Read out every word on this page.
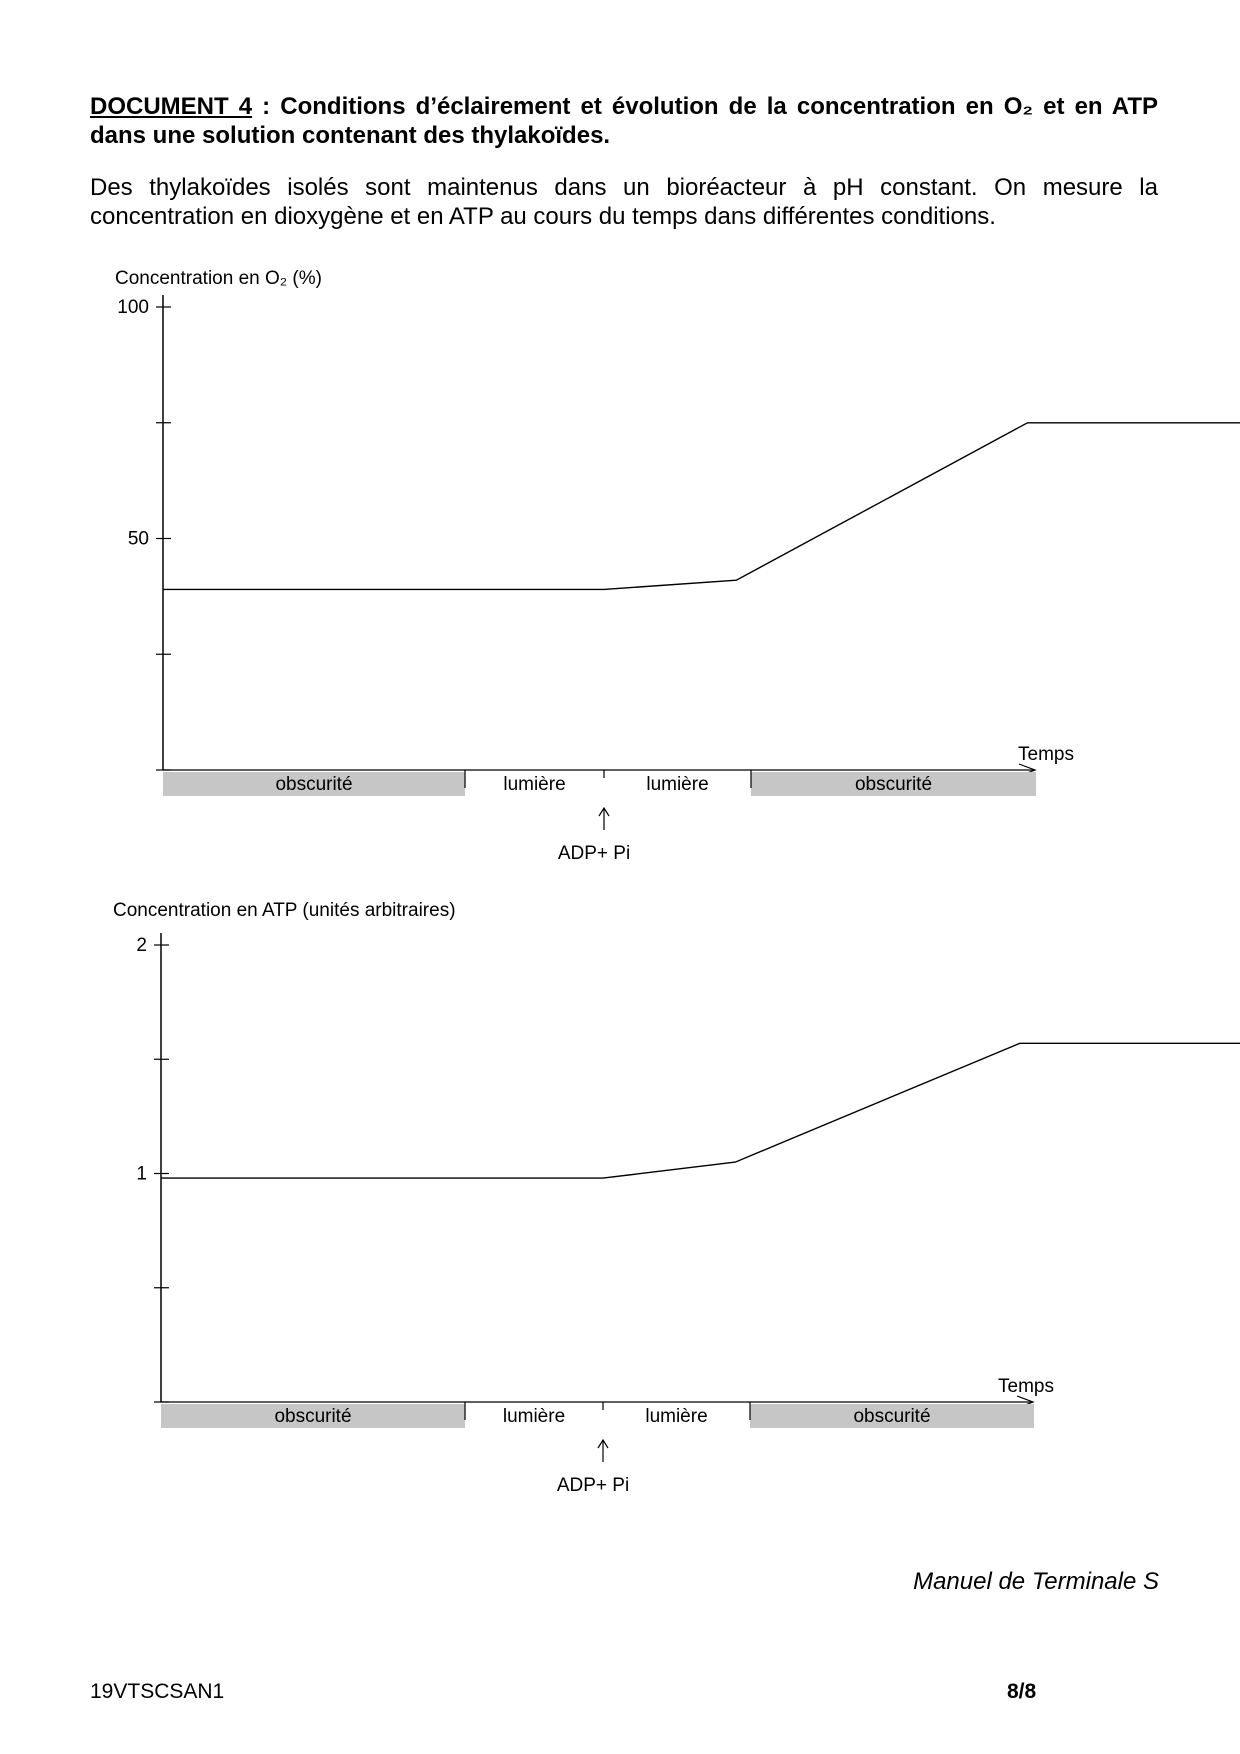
DOCUMENT 4 : Conditions d’éclairement et évolution de la concentration en O₂ et en ATP dans une solution contenant des thylakoïdes.
Des thylakoïdes isolés sont maintenus dans un bioréacteur à pH constant. On mesure la concentration en dioxygène et en ATP au cours du temps dans différentes conditions.
Concentration en O₂ (%)
50
100
Temps
obscurité	lumière	lumière	obscurité
ADP+ Pi
Concentration en ATP (unités arbitraires)
1
2
Temps
obscurité	lumière	lumière	obscurité
ADP+ Pi
Manuel de Terminale S
19VTSCSAN1	8/8
